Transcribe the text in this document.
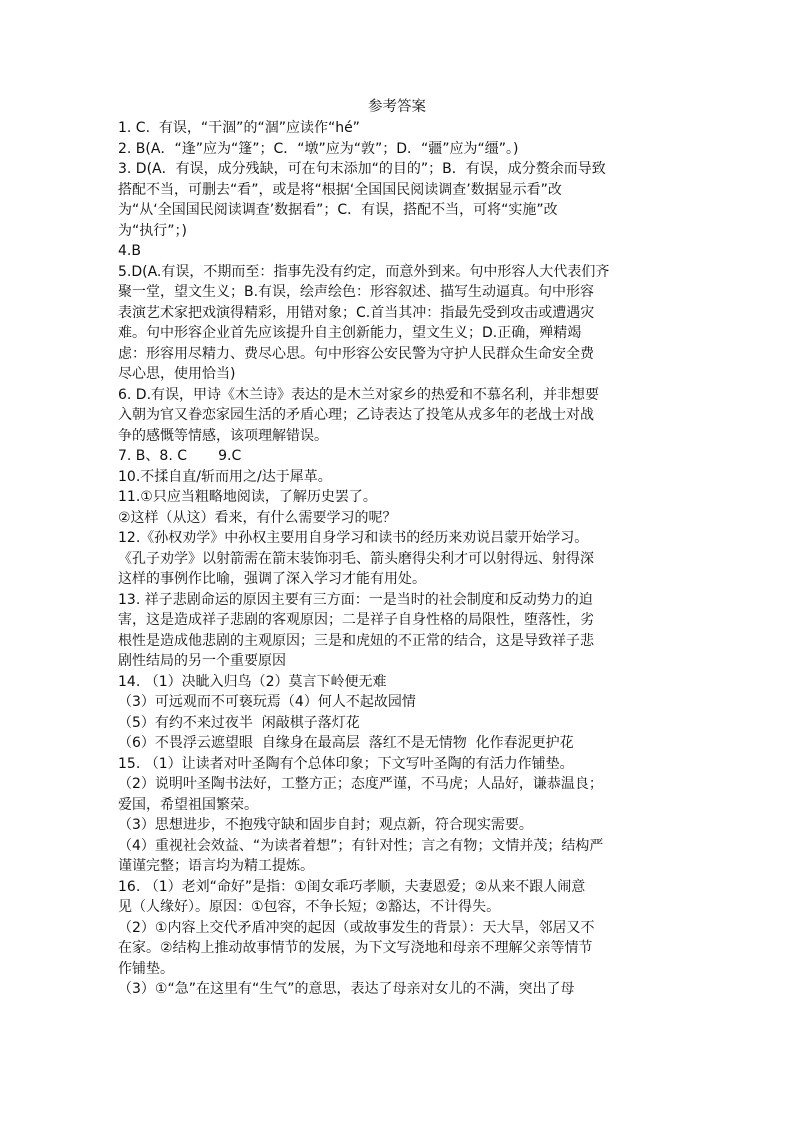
参考答案
1. C.  有误，“干涸”的“涸”应读作“hé”
2. B(A．“逢”应为“篷”；C．“墩”应为“敦”；D．“疆”应为“缰”。)
3. D(A．有误，成分残缺，可在句末添加“的目的”；B．有误，成分赘余而导致
搭配不当，可删去“看”，或是将“根据‘全国国民阅读调查’数据显示看”改
为“从‘全国国民阅读调查’数据看”；C．有误，搭配不当，可将“实施”改
为“执行”；)
4.B
5.D(A.有误，不期而至：指事先没有约定，而意外到来。句中形容人大代表们齐
聚一堂，望文生义；B.有误，绘声绘色：形容叙述、描写生动逼真。句中形容
表演艺术家把戏演得精彩，用错对象；C.首当其冲：指最先受到攻击或遭遇灾
难。句中形容企业首先应该提升自主创新能力，望文生义；D.正确，殚精竭
虑：形容用尽精力、费尽心思。句中形容公安民警为守护人民群众生命安全费
尽心思，使用恰当)
6. D.有误，甲诗《木兰诗》表达的是木兰对家乡的热爱和不慕名利，并非想要
入朝为官又眷恋家园生活的矛盾心理；乙诗表达了投笔从戎多年的老战士对战
争的感慨等情感，该项理解错误。
7. B、8. C       9.C
10.不揉自直/斩而用之/达于犀革。
11.①只应当粗略地阅读，了解历史罢了。
②这样（从这）看来，有什么需要学习的呢？
12.《孙权劝学》中孙权主要用自身学习和读书的经历来劝说吕蒙开始学习。
《孔子劝学》以射箭需在箭末装饰羽毛、箭头磨得尖利才可以射得远、射得深
这样的事例作比喻，强调了深入学习才能有用处。
13. 祥子悲剧命运的原因主要有三方面：一是当时的社会制度和反动势力的迫
害，这是造成祥子悲剧的客观原因；二是祥子自身性格的局限性，堕落性，劣
根性是造成他悲剧的主观原因；三是和虎妞的不正常的结合，这是导致祥子悲
剧性结局的另一个重要原因
14. （1）决眦入归鸟（2）莫言下岭便无难
（3）可远观而不可亵玩焉（4）何人不起故园情
（5）有约不来过夜半  闲敲棋子落灯花
（6）不畏浮云遮望眼  自缘身在最高层  落红不是无情物  化作春泥更护花
15. （1）让读者对叶圣陶有个总体印象；下文写叶圣陶的有活力作铺垫。
（2）说明叶圣陶书法好，工整方正；态度严谨，不马虎；人品好，谦恭温良；
爱国，希望祖国繁荣。
（3）思想进步，不抱残守缺和固步自封；观点新，符合现实需要。
（4）重视社会效益、“为读者着想”；有针对性；言之有物；文情并茂；结构严
谨谨完整；语言均为精工提炼。
16. （1）老刘“命好”是指：①闺女乖巧孝顺，夫妻恩爱；②从来不跟人闹意
见（人缘好）。原因：①包容，不争长短；②豁达，不计得失。
（2）①内容上交代矛盾冲突的起因（或故事发生的背景）：天大旱，邻居又不
在家。②结构上推动故事情节的发展，为下文写浇地和母亲不理解父亲等情节
作铺垫。
（3）①“急”在这里有“生气”的意思，表达了母亲对女儿的不满，突出了母
